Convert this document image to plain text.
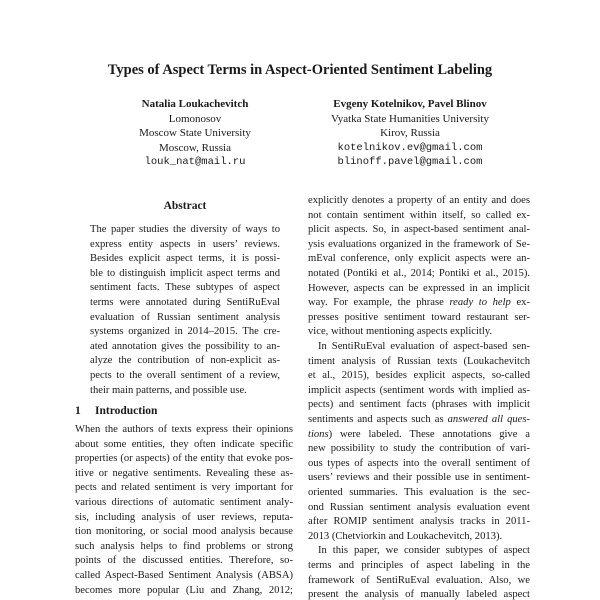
Types of Aspect Terms in Aspect-Oriented Sentiment Labeling
Natalia Loukachevitch
Lomonosov
Moscow State University
Moscow, Russia
louk_nat@mail.ru
Evgeny Kotelnikov, Pavel Blinov
Vyatka State Humanities University
Kirov, Russia
kotelnikov.ev@gmail.com
blinoff.pavel@gmail.com
Abstract
The paper studies the diversity of ways to
express entity aspects in users’ reviews.
Besides explicit aspect terms, it is possi-
ble to distinguish implicit aspect terms and
sentiment facts. These subtypes of aspect
terms were annotated during SentiRuEval
evaluation of Russian sentiment analysis
systems organized in 2014–2015. The cre-
ated annotation gives the possibility to an-
alyze the contribution of non-explicit as-
pects to the overall sentiment of a review,
their main patterns, and possible use.
1 Introduction
When the authors of texts express their opinions
about some entities, they often indicate specific
properties (or aspects) of the entity that evoke pos-
itive or negative sentiments. Revealing these as-
pects and related sentiment is very important for
various directions of automatic sentiment analy-
sis, including analysis of user reviews, reputa-
tion monitoring, or social mood analysis because
such analysis helps to find problems or strong
points of the discussed entities. Therefore, so-
called Aspect-Based Sentiment Analysis (ABSA)
becomes more popular (Liu and Zhang, 2012;
explicitly denotes a property of an entity and does
not contain sentiment within itself, so called ex-
plicit aspects. So, in aspect-based sentiment anal-
ysis evaluations organized in the framework of Se-
mEval conference, only explicit aspects were an-
notated (Pontiki et al., 2014; Pontiki et al., 2015).
However, aspects can be expressed in an implicit
way. For example, the phrase ready to help ex-
presses positive sentiment toward restaurant ser-
vice, without mentioning aspects explicitly.
In SentiRuEval evaluation of aspect-based sen-
timent analysis of Russian texts (Loukachevitch
et al., 2015), besides explicit aspects, so-called
implicit aspects (sentiment words with implied as-
pects) and sentiment facts (phrases with implicit
sentiments and aspects such as answered all ques-
tions) were labeled. These annotations give a
new possibility to study the contribution of vari-
ous types of aspects into the overall sentiment of
users’ reviews and their possible use in sentiment-
oriented summaries. This evaluation is the sec-
ond Russian sentiment analysis evaluation event
after ROMIP sentiment analysis tracks in 2011-
2013 (Chetviorkin and Loukachevitch, 2013).
In this paper, we consider subtypes of aspect
terms and principles of aspect labeling in the
framework of SentiRuEval evaluation. Also, we
present the analysis of manually labeled aspect
